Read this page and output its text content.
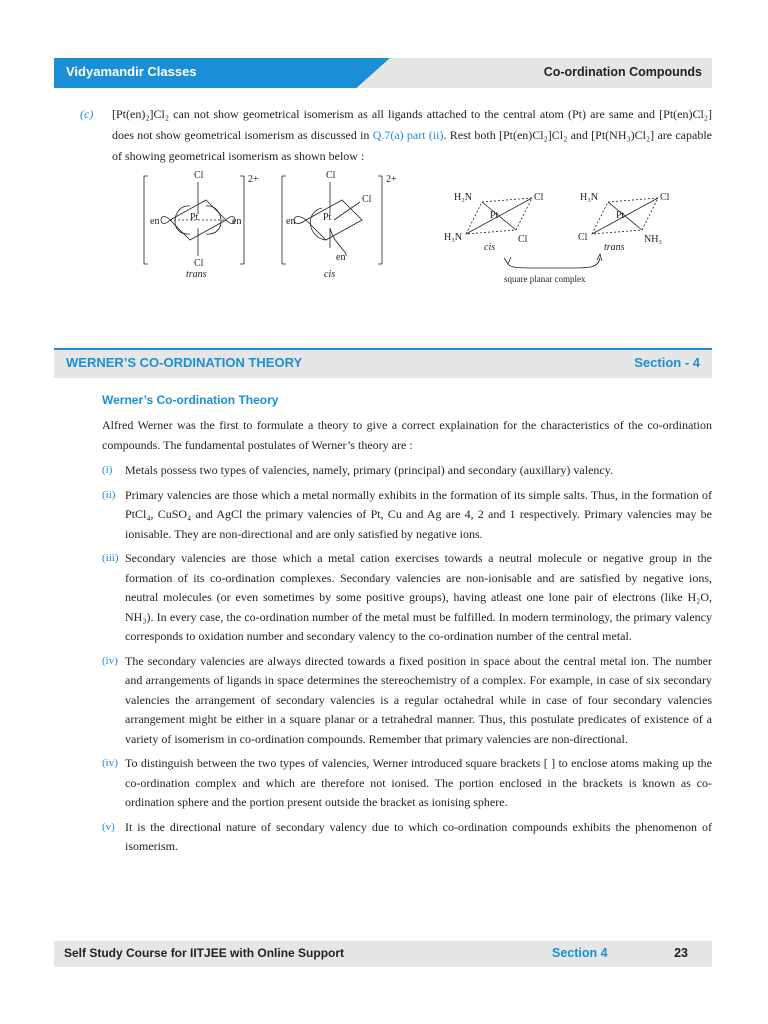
Vidyamandir Classes	Co-ordination Compounds
(c) [Pt(en)₂]Cl₂ can not show geometrical isomerism as all ligands attached to the central atom (Pt) are same and [Pt(en)Cl₂] does not show geometrical isomerism as discussed in Q.7(a) part (ii). Rest both [Pt(en)Cl₂]Cl₂ and [Pt(NH₃)Cl₂] are capable of showing geometrical isomerism as shown below :
Cl
Cl
en	en
Pt
2+
trans
Cl
Cl
en
en
Pt
2+
cis
H₃N	Cl
H₃N	Cl
Pt
cis
H₃N	Cl
Cl	NH₃
Pt
trans
square planar complex
WERNER’S CO-ORDINATION THEORY	Section - 4
Werner’s Co-ordination Theory

Alfred Werner was the first to formulate a theory to give a correct explaination for the characteristics of the co-ordination compounds. The fundamental postulates of Werner’s theory are :

(i) Metals possess two types of valencies, namely, primary (principal) and secondary (auxillary) valency.
(ii) Primary valencies are those which a metal normally exhibits in the formation of its simple salts. Thus, in the formation of PtCl₄, CuSO₄ and AgCl the primary valencies of Pt, Cu and Ag are 4, 2 and 1 respectively. Primary valencies may be ionisable. They are non-directional and are only satisfied by negative ions.
(iii) Secondary valencies are those which a metal cation exercises towards a neutral molecule or negative group in the formation of its co-ordination complexes. Secondary valencies are non-ionisable and are satisfied by negative ions, neutral molecules (or even sometimes by some positive groups), having atleast one lone pair of electrons (like H₂O, NH₃). In every case, the co-ordination number of the metal must be fulfilled. In modern terminology, the primary valency corresponds to oxidation number and secondary valency to the co-ordination number of the central metal.
(iv) The secondary valencies are always directed towards a fixed position in space about the central metal ion. The number and arrangements of ligands in space determines the stereochemistry of a complex. For example, in case of six secondary valencies the arrangement of secondary valencies is a regular octahedral while in case of four secondary valencies arrangement might be either in a square planar or a tetrahedral manner. Thus, this postulate predicates of existence of a variety of isomerism in co-ordination compounds. Remember that primary valencies are non-directional.
(iv) To distinguish between the two types of valencies, Werner introduced square brackets [ ] to enclose atoms making up the co-ordination complex and which are therefore not ionised. The portion enclosed in the brackets is known as co-ordination sphere and the portion present outside the bracket as ionising sphere.
(v) It is the directional nature of secondary valency due to which co-ordination compounds exhibits the phenomenon of isomerism.
Self Study Course for IITJEE with Online Support	Section 4	23
